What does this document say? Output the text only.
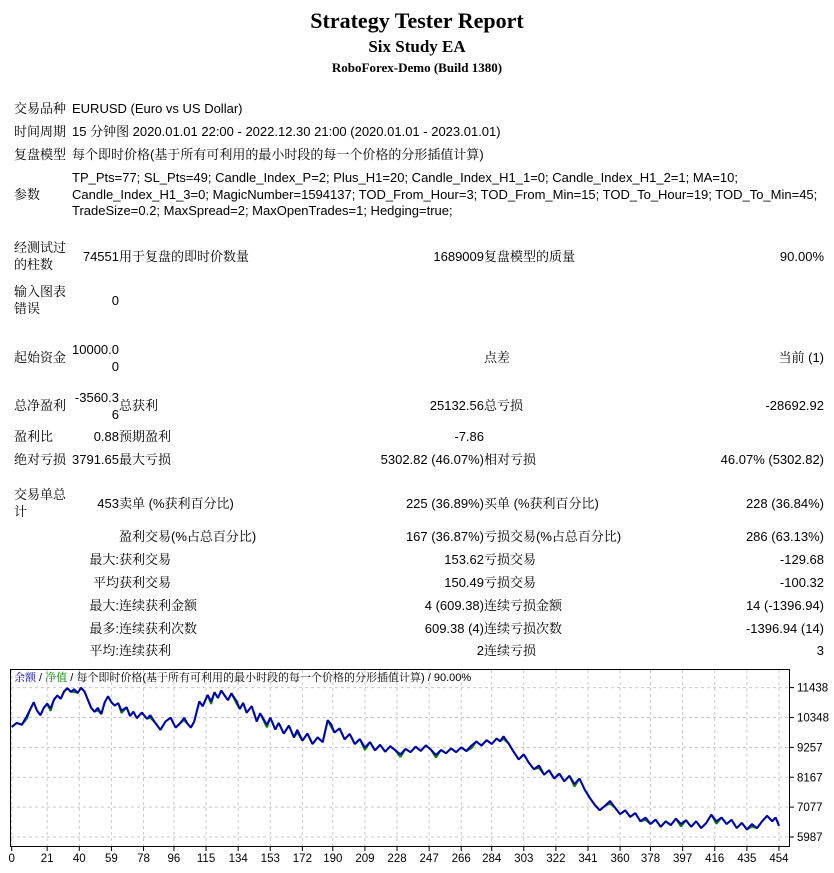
Strategy Tester Report
Six Study EA
RoboForex-Demo (Build 1380)
交易品种	EURUSD (Euro vs US Dollar)				
时间周期	15 分钟图 2020.01.01 22:00 - 2022.12.30 21:00 (2020.01.01 - 2023.01.01)				
复盘模型	每个即时价格(基于所有可利用的最小时段的每一个价格的分形插值计算)				
参数	TP_Pts=77; SL_Pts=49; Candle_Index_P=2; Plus_H1=20; Candle_Index_H1_1=0; Candle_Index_H1_2=1; MA=10; Candle_Index_H1_3=0; MagicNumber=1594137; TOD_From_Hour=3; TOD_From_Min=15; TOD_To_Hour=19; TOD_To_Min=45; TradeSize=0.2; MaxSpread=2; MaxOpenTrades=1; Hedging=true;				

经测试过的柱数	74551	用于复盘的即时价数量	1689009	复盘模型的质量	90.00%

输入图表错误	0				

起始资金	10000.00			点差	当前 (1)

总净盈利	-3560.36	总获利	25132.56	总亏损	-28692.92
盈利比	0.88	预期盈利	-7.86		
绝对亏损	3791.65	最大亏损	5302.82 (46.07%)	相对亏损	46.07% (5302.82)

交易单总计	453	卖单 (%获利百分比)	225 (36.89%)	买单 (%获利百分比)	228 (36.84%)

		盈利交易(%占总百分比)	167 (36.87%)	亏损交易(%占总百分比)	286 (63.13%)
	最大:	获利交易	153.62	亏损交易	-129.68
	平均	获利交易	150.49	亏损交易	-100.32
	最大:	连续获利金额	4 (609.38)	连续亏损金额	14 (-1396.94)
	最多:	连续获利次数	609.38 (4)	连续亏损次数	-1396.94 (14)
	平均:	连续获利	2	连续亏损	3
0 21 40 59 78 96 115 134 153 172 190 209 228 247 266 284 303 322 341 360 378 397 416 435 454
11438
10348
9257
8167
7077
5987
余额 / 净值 / 每个即时价格(基于所有可利用的最小时段的每一个价格的分形插值计算) / 90.00%
